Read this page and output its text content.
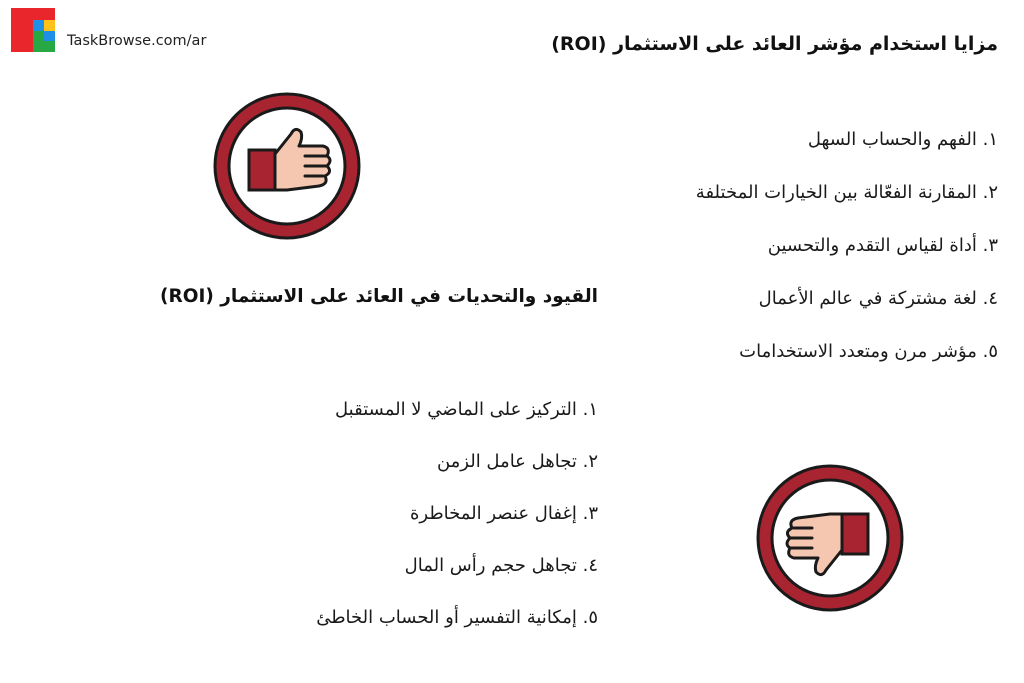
TaskBrowse.com/ar	مزايا استخدام مؤشر العائد على الاستثمار (ROI)
١. الفهم والحساب السهل
٢. المقارنة الفعّالة بين الخيارات المختلفة
٣. أداة لقياس التقدم والتحسين
٤. لغة مشتركة في عالم الأعمال
٥. مؤشر مرن ومتعدد الاستخدامات
القيود والتحديات في العائد على الاستثمار (ROI)
١. التركيز على الماضي لا المستقبل
٢. تجاهل عامل الزمن
٣. إغفال عنصر المخاطرة
٤. تجاهل حجم رأس المال
٥. إمكانية التفسير أو الحساب الخاطئ
